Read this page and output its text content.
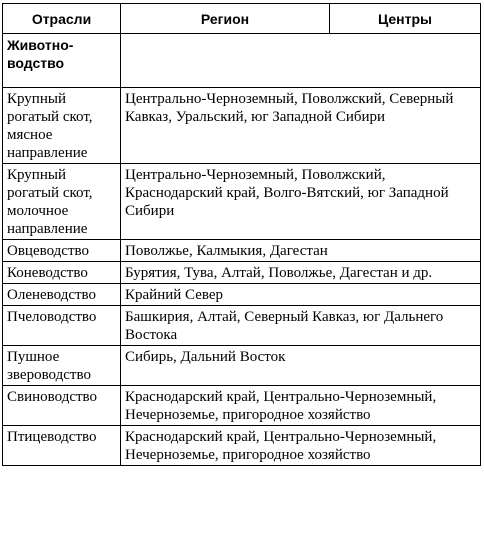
Отрасли	Регион	Центры
Животно-
водство		
Крупный рогатый скот, мясное направление	Центрально-Черноземный, Поволжский, Северный Кавказ, Уральский, юг Западной Сибири	
Крупный рогатый скот, молочное направление	Центрально-Черноземный, Поволжский, Краснодарский край, Волго-Вятский, юг Западной Сибири	
Овцеводство	Поволжье, Калмыкия, Дагестан	
Коневодство	Бурятия, Тува, Алтай, Поволжье, Дагестан и др.	
Оленеводство	Крайний Север	
Пчеловодство	Башкирия, Алтай, Северный Кавказ, юг Дальнего Востока	
Пушное звероводство	Сибирь, Дальний Восток	
Свиноводство	Краснодарский край, Центрально-Черноземный, Нечерноземье, пригородное хозяйство	
Птицеводство	Краснодарский край, Центрально-Черноземный, Нечерноземье, пригородное хозяйство	
